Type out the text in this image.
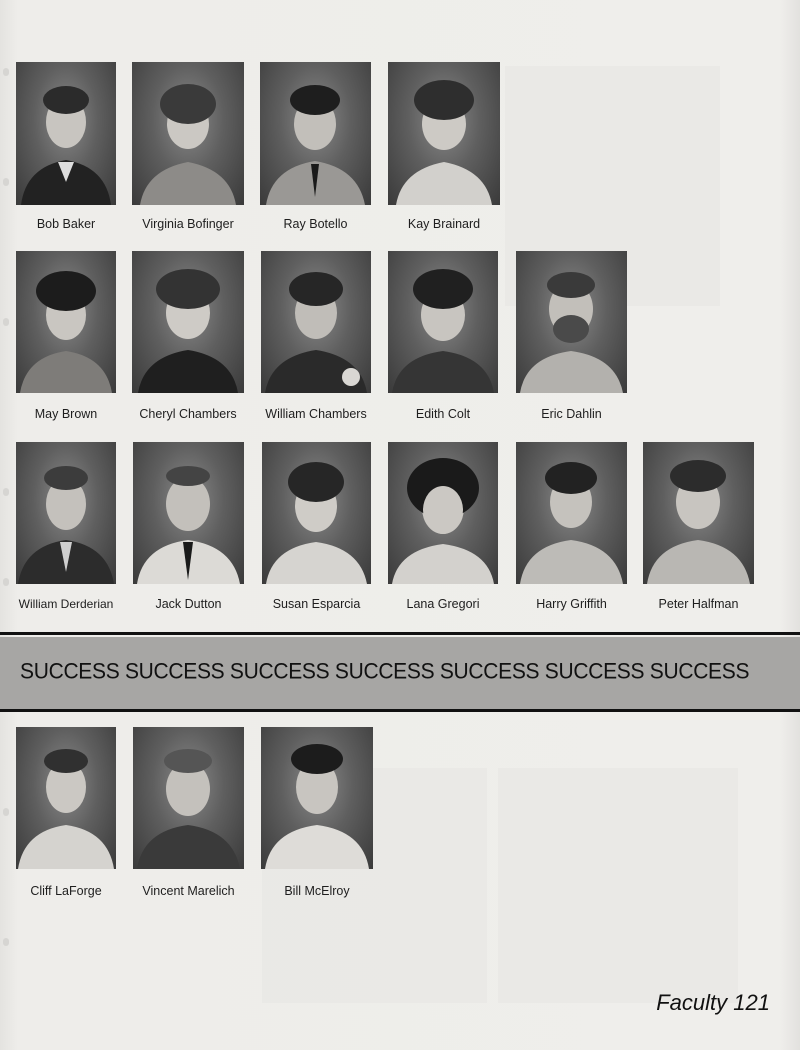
Bob Baker	Virginia Bofinger	Ray Botello	Kay Brainard
May Brown	Cheryl Chambers	William Chambers	Edith Colt	Eric Dahlin
William Derderian	Jack Dutton	Susan Esparcia	Lana Gregori	Harry Griffith	Peter Halfman
SUCCESS SUCCESS SUCCESS SUCCESS SUCCESS SUCCESS SUCCESS
Cliff LaForge	Vincent Marelich	Bill McElroy
Faculty 121
